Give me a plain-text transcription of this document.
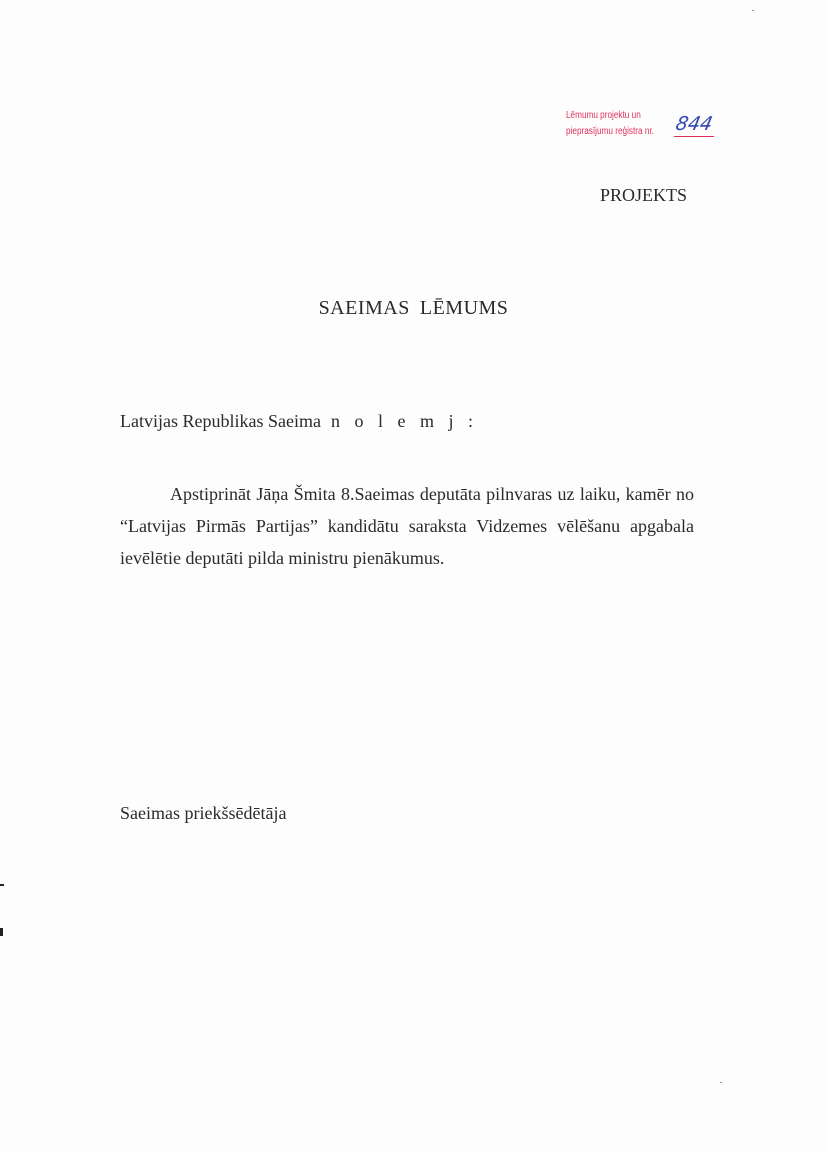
Lēmumu projektu un
pieprasījumu reģistra nr. 844
PROJEKTS
SAEIMAS LĒMUMS
Latvijas Republikas Saeima n o l e m j :

Apstiprināt Jāņa Šmita 8.Saeimas deputāta pilnvaras uz laiku, kamēr no “Latvijas Pirmās Partijas” kandidātu saraksta Vidzemes vēlēšanu apgabala ievēlētie deputāti pilda ministru pienākumus.

Saeimas priekšsēdētāja
